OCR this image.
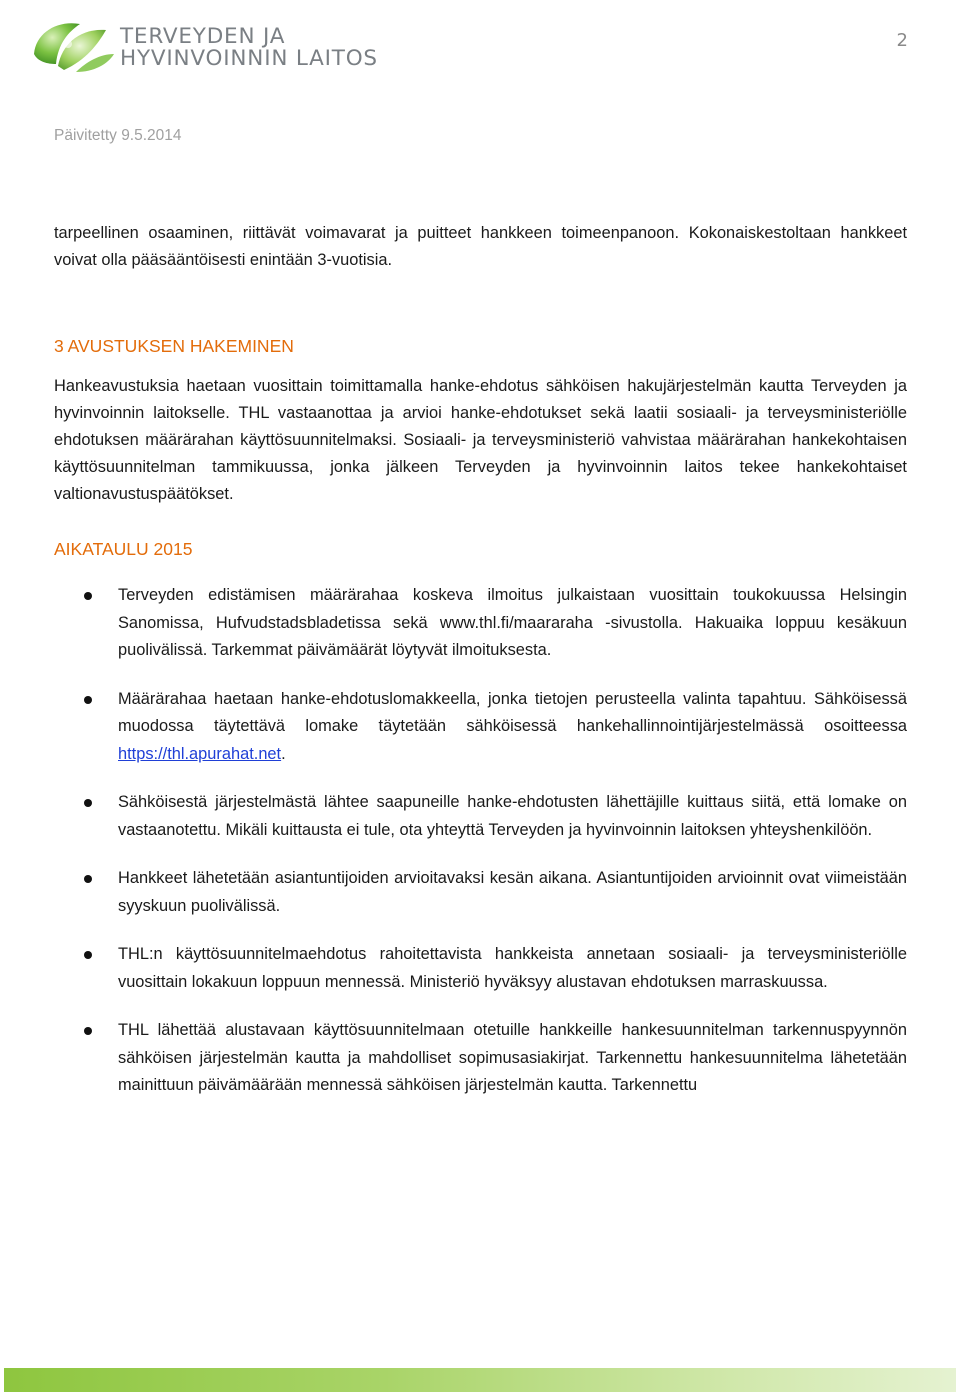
TERVEYDEN JA
HYVINVOINNIN LAITOS
2
Päivitetty 9.5.2014

tarpeellinen osaaminen, riittävät voimavarat ja puitteet hankkeen toimeenpanoon. Kokonaiskestoltaan hankkeet voivat olla pääsääntöisesti enintään 3-vuotisia.

3 AVUSTUKSEN HAKEMINEN

Hankeavustuksia haetaan vuosittain toimittamalla hanke-ehdotus sähköisen hakujärjestelmän kautta Terveyden ja hyvinvoinnin laitokselle. THL vastaanottaa ja arvioi hanke-ehdotukset sekä laatii sosiaali- ja terveysministeriölle ehdotuksen määrärahan käyttösuunnitelmaksi. Sosiaali- ja terveysministeriö vahvistaa määrärahan hankekohtaisen käyttösuunnitelman tammikuussa, jonka jälkeen Terveyden ja hyvinvoinnin laitos tekee hankekohtaiset valtionavustuspäätökset.

AIKATAULU 2015
Terveyden edistämisen määrärahaa koskeva ilmoitus julkaistaan vuosittain toukokuussa Helsingin Sanomissa, Hufvudstadsbladetissa sekä www.thl.fi/maararaha -sivustolla. Hakuaika loppuu kesäkuun puolivälissä. Tarkemmat päivämäärät löytyvät ilmoituksesta.
Määrärahaa haetaan hanke-ehdotuslomakkeella, jonka tietojen perusteella valinta tapahtuu. Sähköisessä muodossa täytettävä lomake täytetään sähköisessä hankehallinnointijärjestelmässä osoitteessa https://thl.apurahat.net.
Sähköisestä järjestelmästä lähtee saapuneille hanke-ehdotusten lähettäjille kuittaus siitä, että lomake on vastaanotettu. Mikäli kuittausta ei tule, ota yhteyttä Terveyden ja hyvinvoinnin laitoksen yhteyshenkilöön.
Hankkeet lähetetään asiantuntijoiden arvioitavaksi kesän aikana. Asiantuntijoiden arvioinnit ovat viimeistään syyskuun puolivälissä.
THL:n käyttösuunnitelmaehdotus rahoitettavista hankkeista annetaan sosiaali- ja terveysministeriölle vuosittain lokakuun loppuun mennessä. Ministeriö hyväksyy alustavan ehdotuksen marraskuussa.
THL lähettää alustavaan käyttösuunnitelmaan otetuille hankkeille hankesuunnitelman tarkennuspyynnön sähköisen järjestelmän kautta ja mahdolliset sopimusasiakirjat. Tarkennettu hankesuunnitelma lähetetään mainittuun päivämäärään mennessä sähköisen järjestelmän kautta. Tarkennettu
